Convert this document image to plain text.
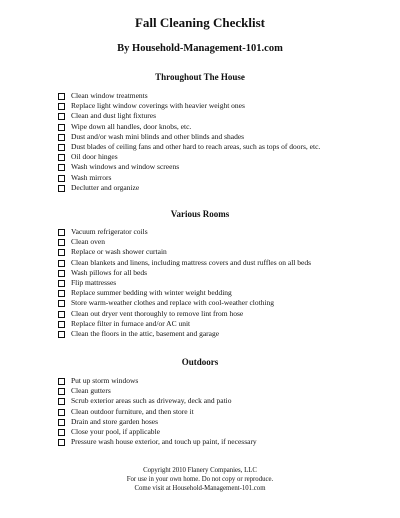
Fall Cleaning Checklist
By Household-Management-101.com
Throughout The House
Clean window treatments
Replace light window coverings with heavier weight ones
Clean and dust light fixtures
Wipe down all handles, door knobs, etc.
Dust and/or wash mini blinds and other blinds and shades
Dust blades of ceiling fans and other hard to reach areas, such as tops of doors, etc.
Oil door hinges
Wash windows and window screens
Wash mirrors
Declutter and organize
Various Rooms
Vacuum refrigerator coils
Clean oven
Replace or wash shower curtain
Clean blankets and linens, including mattress covers and dust ruffles on all beds
Wash pillows for all beds
Flip mattresses
Replace summer bedding with winter weight bedding
Store warm-weather clothes and replace with cool-weather clothing
Clean out dryer vent thoroughly to remove lint from hose
Replace filter in furnace and/or AC unit
Clean the floors in the attic, basement and garage
Outdoors
Put up storm windows
Clean gutters
Scrub exterior areas such as driveway, deck and patio
Clean outdoor furniture, and then store it
Drain and store garden hoses
Close your pool, if applicable
Pressure wash house exterior, and touch up paint, if necessary
Copyright 2010 Flanery Companies, LLC
For use in your own home. Do not copy or reproduce.
Come visit at Household-Management-101.com
